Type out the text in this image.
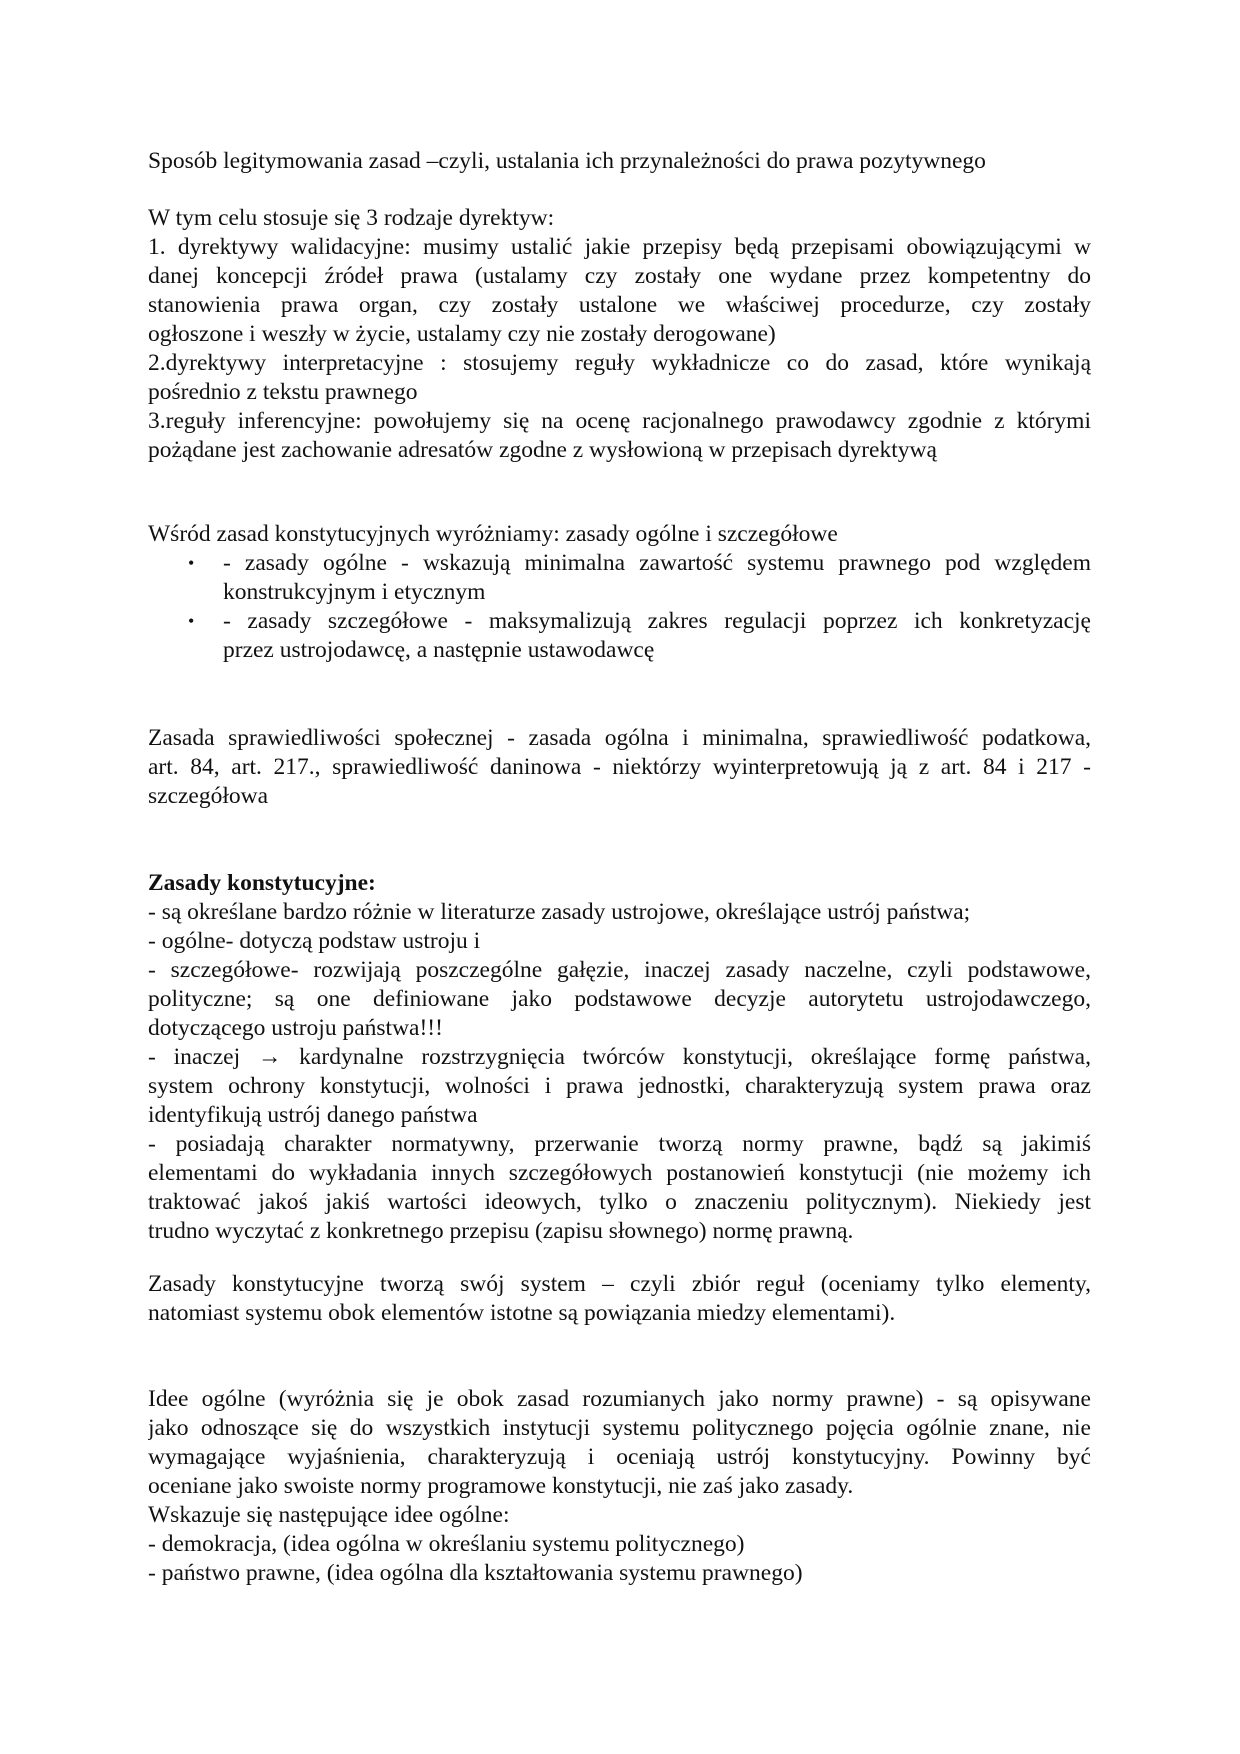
Sposób legitymowania zasad –czyli, ustalania ich przynależności do prawa pozytywnego
W tym celu stosuje się 3 rodzaje dyrektyw:
1. dyrektywy walidacyjne: musimy ustalić jakie przepisy będą przepisami obowiązującymi w
danej koncepcji źródeł prawa (ustalamy czy zostały one wydane przez kompetentny do
stanowienia prawa organ, czy zostały ustalone we właściwej procedurze, czy zostały
ogłoszone i weszły w życie, ustalamy czy nie zostały derogowane)
2.dyrektywy interpretacyjne : stosujemy reguły wykładnicze co do zasad, które wynikają
pośrednio z tekstu prawnego
3.reguły inferencyjne: powołujemy się na ocenę racjonalnego prawodawcy zgodnie z którymi
pożądane jest zachowanie adresatów zgodne z wysłowioną w przepisach dyrektywą
Wśród zasad konstytucyjnych wyróżniamy: zasady ogólne i szczegółowe
• - zasady ogólne - wskazują minimalna zawartość systemu prawnego pod względem
konstrukcyjnym i etycznym
• - zasady szczegółowe - maksymalizują zakres regulacji poprzez ich konkretyzację
przez ustrojodawcę, a następnie ustawodawcę
Zasada sprawiedliwości społecznej - zasada ogólna i minimalna, sprawiedliwość podatkowa,
art. 84, art. 217., sprawiedliwość daninowa - niektórzy wyinterpretowują ją z art. 84 i 217 -
szczegółowa
Zasady konstytucyjne:
- są określane bardzo różnie w literaturze zasady ustrojowe, określające ustrój państwa;
- ogólne- dotyczą podstaw ustroju i
- szczegółowe- rozwijają poszczególne gałęzie, inaczej zasady naczelne, czyli podstawowe,
polityczne; są one definiowane jako podstawowe decyzje autorytetu ustrojodawczego,
dotyczącego ustroju państwa!!!
- inaczej → kardynalne rozstrzygnięcia twórców konstytucji, określające formę państwa,
system ochrony konstytucji, wolności i prawa jednostki, charakteryzują system prawa oraz
identyfikują ustrój danego państwa
- posiadają charakter normatywny, przerwanie tworzą normy prawne, bądź są jakimiś
elementami do wykładania innych szczegółowych postanowień konstytucji (nie możemy ich
traktować jakoś jakiś wartości ideowych, tylko o znaczeniu politycznym). Niekiedy jest
trudno wyczytać z konkretnego przepisu (zapisu słownego) normę prawną.
Zasady konstytucyjne tworzą swój system – czyli zbiór reguł (oceniamy tylko elementy,
natomiast systemu obok elementów istotne są powiązania miedzy elementami).
Idee ogólne (wyróżnia się je obok zasad rozumianych jako normy prawne) - są opisywane
jako odnoszące się do wszystkich instytucji systemu politycznego pojęcia ogólnie znane, nie
wymagające wyjaśnienia, charakteryzują i oceniają ustrój konstytucyjny. Powinny być
oceniane jako swoiste normy programowe konstytucji, nie zaś jako zasady.
Wskazuje się następujące idee ogólne:
- demokracja, (idea ogólna w określaniu systemu politycznego)
- państwo prawne, (idea ogólna dla kształtowania systemu prawnego)
